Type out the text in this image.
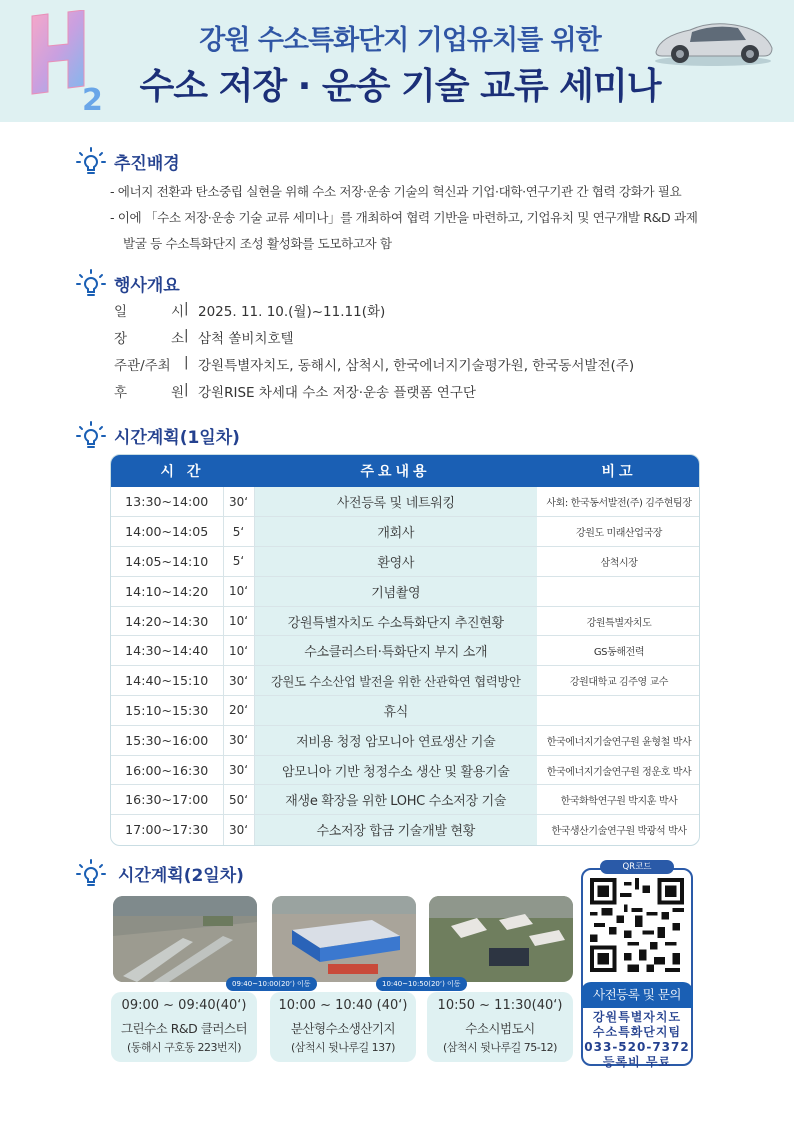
2
강원 수소특화단지 기업유치를 위한
수소 저장 · 운송 기술 교류 세미나
추진배경
- 에너지 전환과 탄소중립 실현을 위해 수소 저장·운송 기술의 혁신과 기업·대학·연구기관 간 협력 강화가 필요
- 이에 「수소 저장·운송 기술 교류 세미나」를 개최하여 협력 기반을 마련하고, 기업유치 및 연구개발 R&D 과제
발굴 등 수소특화단지 조성 활성화를 도모하고자 함
행사개요
일	시 | 2025. 11. 10.(월)~11.11(화)
장	소 | 삼척 쏠비치호텔
주관/주최 | 강원특별자치도, 동해시, 삼척시, 한국에너지기술평가원, 한국동서발전(주)
후	원 | 강원RISE 차세대 수소 저장·운송 플랫폼 연구단
시간계획(1일차)
시 간		주요내용	비고
13:30~14:00	30‘	사전등록 및 네트워킹	사회: 한국동서발전(주) 김주현팀장
14:00~14:05	5‘	개회사	강원도 미래산업국장
14:05~14:10	5‘	환영사	삼척시장
14:10~14:20	10‘	기념촬영	
14:20~14:30	10‘	강원특별자치도 수소특화단지 추진현황	강원특별자치도
14:30~14:40	10‘	수소클러스터·특화단지 부지 소개	GS동해전력
14:40~15:10	30‘	강원도 수소산업 발전을 위한 산관학연 협력방안	강원대학교 김주영 교수
15:10~15:30	20‘	휴식	
15:30~16:00	30‘	저비용 청정 암모니아 연료생산 기술	한국에너지기술연구원 윤형철 박사
16:00~16:30	30‘	암모니아 기반 청정수소 생산 및 활용기술	한국에너지기술연구원 정운호 박사
16:30~17:00	50‘	재생e 확장을 위한 LOHC 수소저장 기술	한국화학연구원 박지훈 박사
17:00~17:30	30‘	수소저장 합금 기술개발 현황	한국생산기술연구원 박광석 박사
시간계획(2일차)
09:40~10:00(20‘) 이동	10:40~10:50(20‘) 이동
09:00 ~ 09:40(40‘)
그린수소 R&D 클러스터
(동해시 구호동 223번지)
10:00 ~ 10:40 (40‘)
분산형수소생산기지
(삼척시 뒷나루길 137)
10:50 ~ 11:30(40‘)
수소시범도시
(삼척시 뒷나루길 75-12)
QR코드
사전등록 및 문의
강원특별자치도
수소특화단지팀
033-520-7372
등록비 무료
